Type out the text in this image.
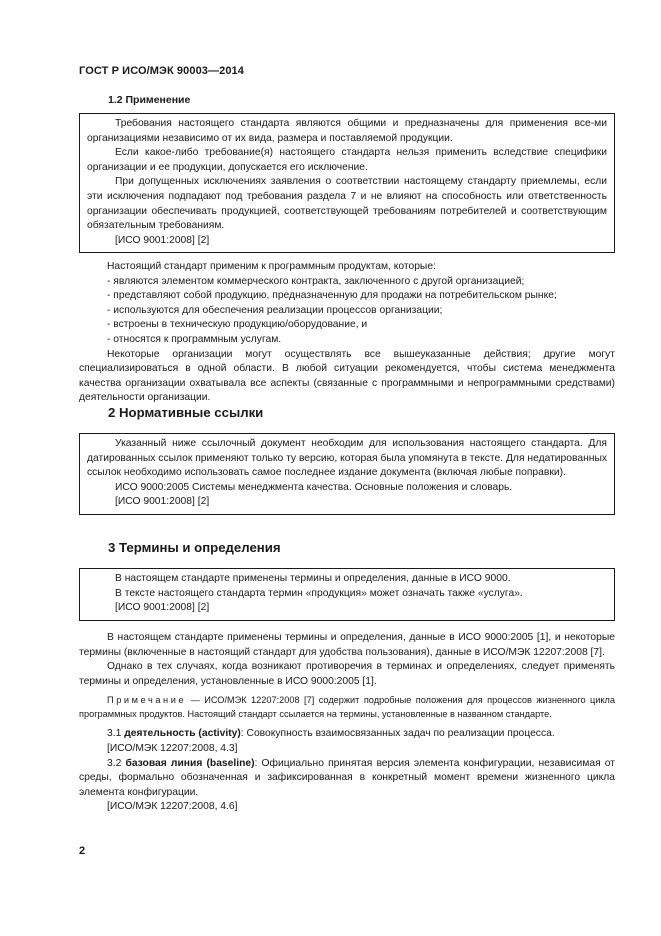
ГОСТ Р ИСО/МЭК 90003—2014
1.2 Применение

Требования настоящего стандарта являются общими и предназначены для применения все-ми организациями независимо от их вида, размера и поставляемой продукции.

Если какое-либо требование(я) настоящего стандарта нельзя применить вследствие специфики организации и ее продукции, допускается его исключение.

При допущенных исключениях заявления о соответствии настоящему стандарту приемлемы, если эти исключения подпадают под требования раздела 7 и не влияют на способность или ответственность организации обеспечивать продукцией, соответствующей требованиям потребителей и соответствующим обязательным требованиям.

[ИСО 9001:2008] [2]

Настоящий стандарт применим к программным продуктам, которые:

- являются элементом коммерческого контракта, заключенного с другой организацией;

- представляют собой продукцию, предназначенную для продажи на потребительском рынке;

- используются для обеспечения реализации процессов организации;

- встроены в техническую продукцию/оборудование, и

- относятся к программным услугам.

Некоторые организации могут осуществлять все вышеуказанные действия; другие могут специализироваться в одной области. В любой ситуации рекомендуется, чтобы система менеджмента качества организации охватывала все аспекты (связанные с программными и непрограммными средствами) деятельности организации.

2 Нормативные ссылки

Указанный ниже ссылочный документ необходим для использования настоящего стандарта. Для датированных ссылок применяют только ту версию, которая была упомянута в тексте. Для недатированных ссылок необходимо использовать самое последнее издание документа (включая любые поправки).

ИСО 9000:2005 Системы менеджмента качества. Основные положения и словарь.

[ИСО 9001:2008] [2]
3 Термины и определения

В настоящем стандарте применены термины и определения, данные в ИСО 9000.

В тексте настоящего стандарта термин «продукция» может означать также «услуга».

[ИСО 9001:2008] [2]

В настоящем стандарте применены термины и определения, данные в ИСО 9000:2005 [1], и некоторые термины (включенные в настоящий стандарт для удобства пользования), данные в ИСО/МЭК 12207:2008 [7].

Однако в тех случаях, когда возникают противоречия в терминах и определениях, следует применять термины и определения, установленные в ИСО 9000:2005 [1].

Примечание — ИСО/МЭК 12207:2008 [7] содержит подробные положения для процессов жизненного цикла программных продуктов. Настоящий стандарт ссылается на термины, установленные в названном стандарте.

3.1 деятельность (activity): Совокупность взаимосвязанных задач по реализации процесса.

[ИСО/МЭК 12207:2008, 4.3]

3.2 базовая линия (baseline): Официально принятая версия элемента конфигурации, независимая от среды, формально обозначенная и зафиксированная в конкретный момент времени жизненного цикла элемента конфигурации.

[ИСО/МЭК 12207:2008, 4.6]
2
